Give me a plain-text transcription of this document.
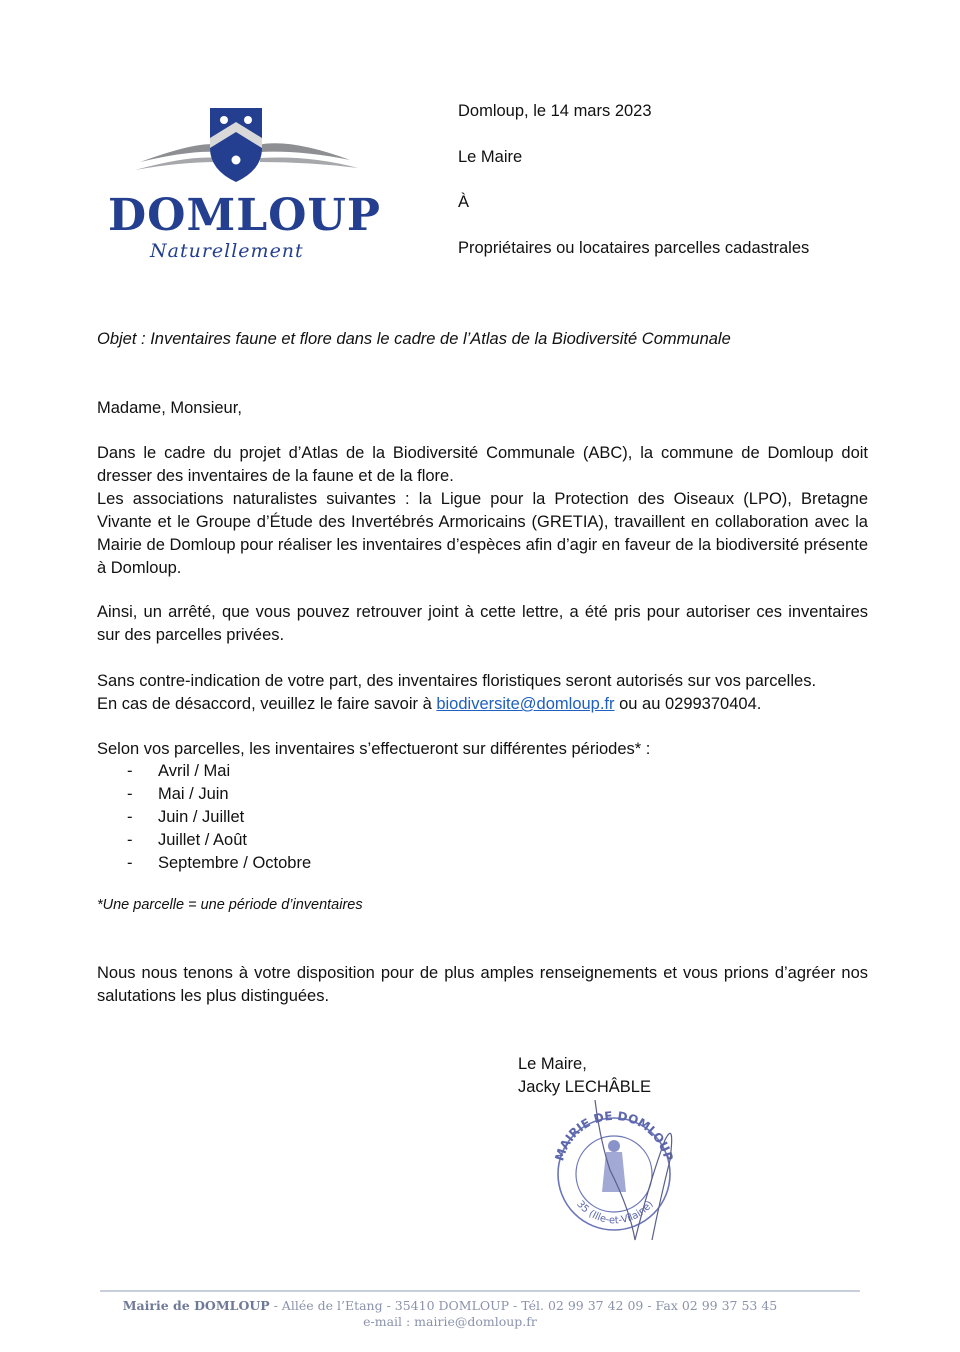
DOMLOUP
Naturellement
Domloup, le 14 mars 2023
Le Maire
À
Propriétaires ou locataires parcelles cadastrales
Objet : Inventaires faune et flore dans le cadre de l’Atlas de la Biodiversité Communale
Madame, Monsieur,
Dans le cadre du projet d’Atlas de la Biodiversité Communale (ABC), la commune de Domloup doit dresser des inventaires de la faune et de la flore.
Les associations naturalistes suivantes : la Ligue pour la Protection des Oiseaux (LPO), Bretagne Vivante et le Groupe d’Étude des Invertébrés Armoricains (GRETIA), travaillent en collaboration avec la Mairie de Domloup pour réaliser les inventaires d’espèces afin d’agir en faveur de la biodiversité présente à Domloup.
Ainsi, un arrêté, que vous pouvez retrouver joint à cette lettre, a été pris pour autoriser ces inventaires sur des parcelles privées.
Sans contre-indication de votre part, des inventaires floristiques seront autorisés sur vos parcelles.
En cas de désaccord, veuillez le faire savoir à biodiversite@domloup.fr ou au 0299370404.
Selon vos parcelles, les inventaires s’effectueront sur différentes périodes* :
- Avril / Mai
- Mai / Juin
- Juin / Juillet
- Juillet / Août
- Septembre / Octobre
*Une parcelle = une période d’inventaires
Nous nous tenons à votre disposition pour de plus amples renseignements et vous prions d’agréer nos salutations les plus distinguées.
Le Maire,
Jacky LECHÂBLE
MAIRIE DE DOMLOUP
35 (Ille-et-Vilaine)
Mairie de DOMLOUP - Allée de l’Etang - 35410 DOMLOUP - Tél. 02 99 37 42 09 - Fax 02 99 37 53 45
e-mail : mairie@domloup.fr
